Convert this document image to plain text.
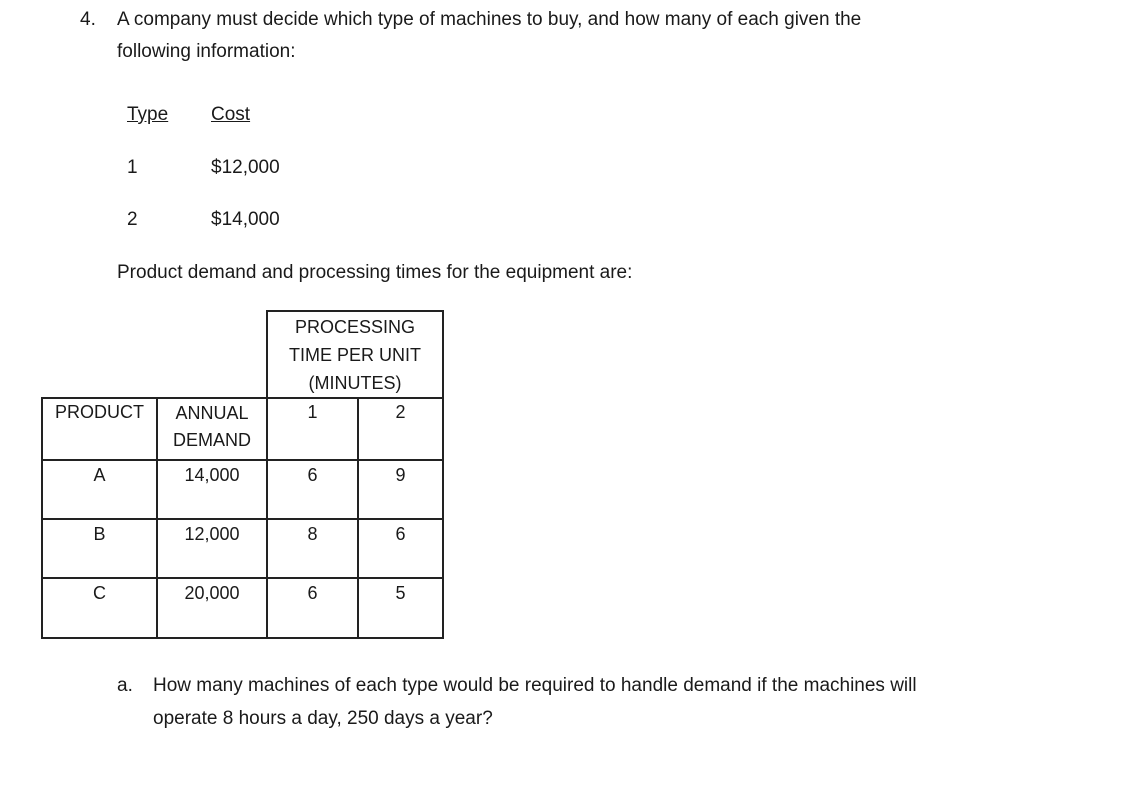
4. A company must decide which type of machines to buy, and how many of each given the
following information:
Type Cost
1	$12,000
2	$14,000
Product demand and processing times for the equipment are:

		PROCESSING
TIME PER UNIT
(MINUTES)	

PRODUCT	ANNUAL
DEMAND	1	2
A	14,000	6	9
B	12,000	8	6
C	20,000	6	5
a. How many machines of each type would be required to handle demand if the machines will
operate 8 hours a day, 250 days a year?
